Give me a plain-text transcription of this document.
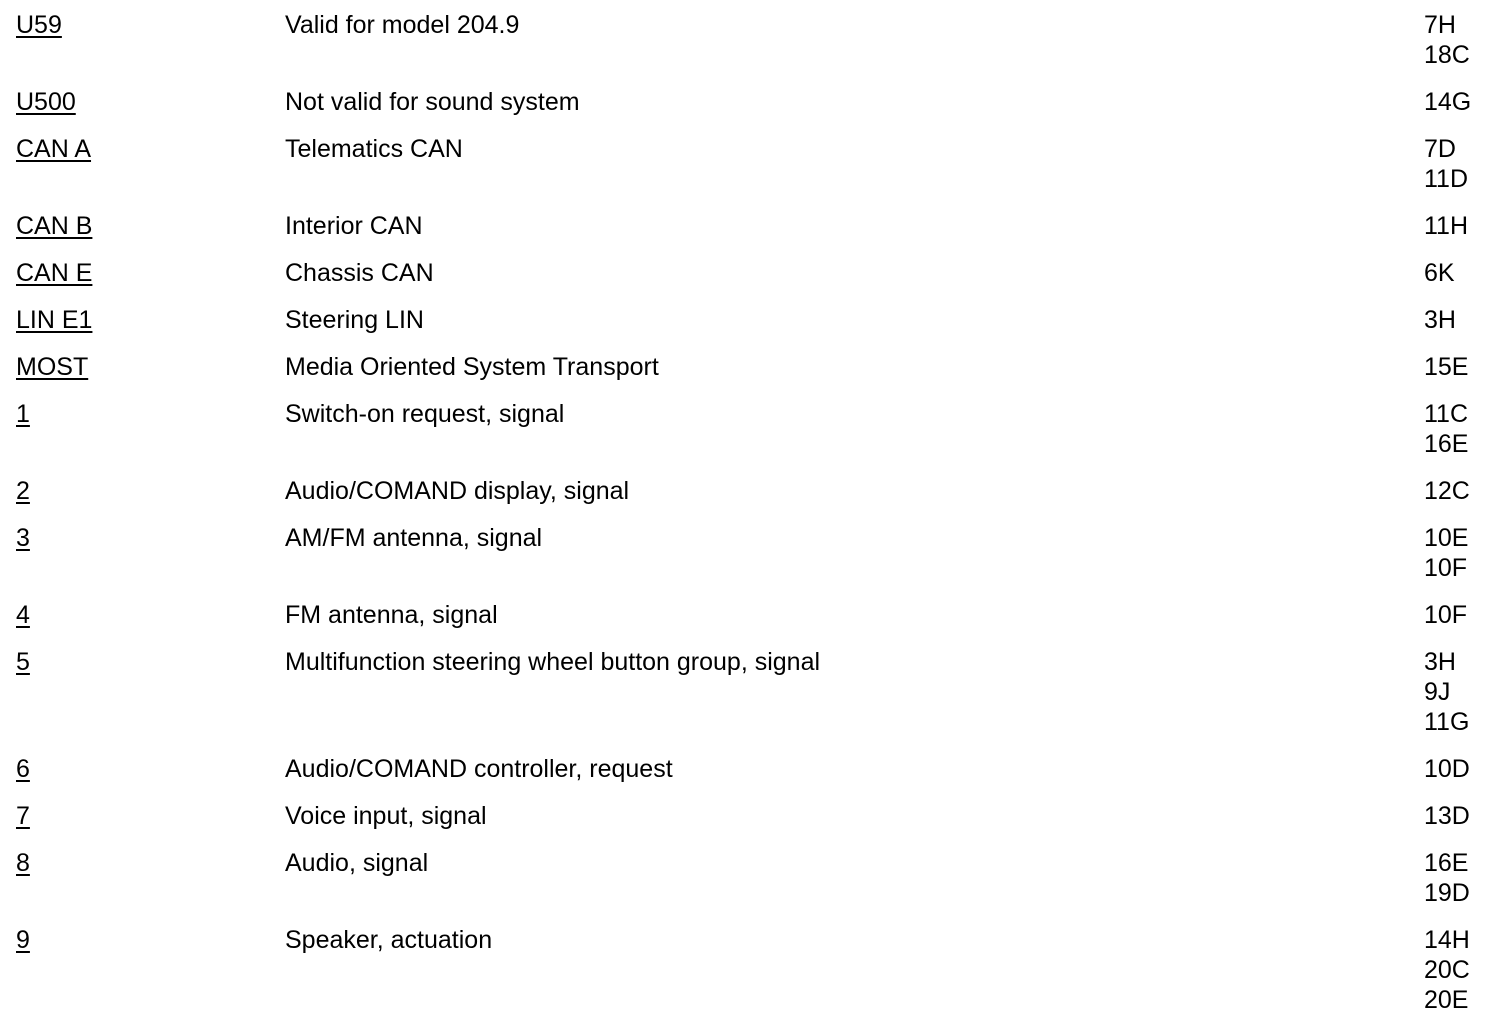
U59	Valid for model 204.9	7H
18C
U500	Not valid for sound system	14G
CAN A	Telematics CAN	7D
11D
CAN B	Interior CAN	11H
CAN E	Chassis CAN	6K
LIN E1	Steering LIN	3H
MOST	Media Oriented System Transport	15E
1	Switch-on request, signal	11C
16E
2	Audio/COMAND display, signal	12C
3	AM/FM antenna, signal	10E
10F
4	FM antenna, signal	10F
5	Multifunction steering wheel button group, signal	3H
9J
11G
6	Audio/COMAND controller, request	10D
7	Voice input, signal	13D
8	Audio, signal	16E
19D
9	Speaker, actuation	14H
20C
20E
